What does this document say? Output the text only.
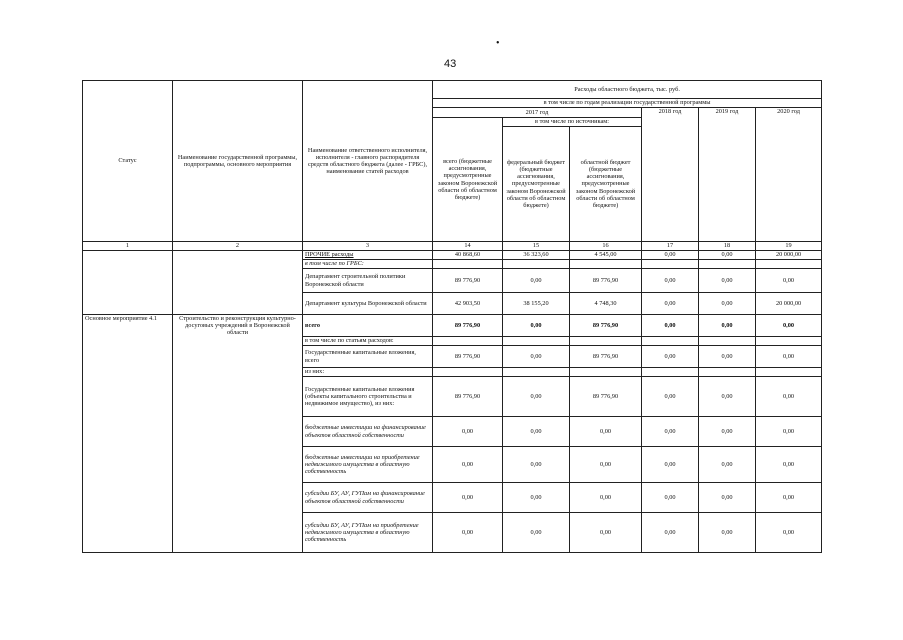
•
43
Статус	Наименование государственной программы, подпрограммы, основного мероприятия	Наименование ответственного исполнителя, исполнителя - главного распорядителя средств областного бюджета (далее - ГРБС), наименование статей расходов	Расходы областного бюджета, тыс. руб.					
			в том числе по годам реализации государственной программы					
			2017 год			2018 год	2019 год	2020 год
			всего (бюджетные ассигнования, предусмотренные законом Воронежской области об областном бюджете)	в том числе по источникам:				
				федеральный бюджет (бюджетные ассигнования, предусмотренные законом Воронежской области об областном бюджете)	областной бюджет (бюджетные ассигнования, предусмотренные законом Воронежской области об областном бюджете)			
1	2	3	14	15	16	17	18	19
		ПРОЧИЕ расходы	40 868,60	36 323,60	4 545,00	0,00	0,00	20 000,00
		в том числе по ГРБС:						
		Департамент строительной политики Воронежской области	89 776,90	0,00	89 776,90	0,00	0,00	0,00
		Департамент культуры Воронежской области	42 903,50	38 155,20	4 748,30	0,00	0,00	20 000,00
Основное мероприятие 4.1	Строительство и реконструкция культурно-досуговых учреждений в Воронежской области	всего	89 776,90	0,00	89 776,90	0,00	0,00	0,00
		в том числе по статьям расходов:						
		Государственные капитальные вложения, всего	89 776,90	0,00	89 776,90	0,00	0,00	0,00
		из них:						
		Государственные капитальные вложения (объекты капитального строительства и недвижимое имущество), из них:	89 776,90	0,00	89 776,90	0,00	0,00	0,00
		бюджетные инвестиции на финансирование объектов областной собственности	0,00	0,00	0,00	0,00	0,00	0,00
		бюджетные инвестиции на приобретение недвижимого имущества в областную собственность	0,00	0,00	0,00	0,00	0,00	0,00
		субсидии БУ, АУ, ГУПам на финансирование объектов областной собственности	0,00	0,00	0,00	0,00	0,00	0,00
		субсидии БУ, АУ, ГУПам на приобретение недвижимого имущества в областную собственность	0,00	0,00	0,00	0,00	0,00	0,00
